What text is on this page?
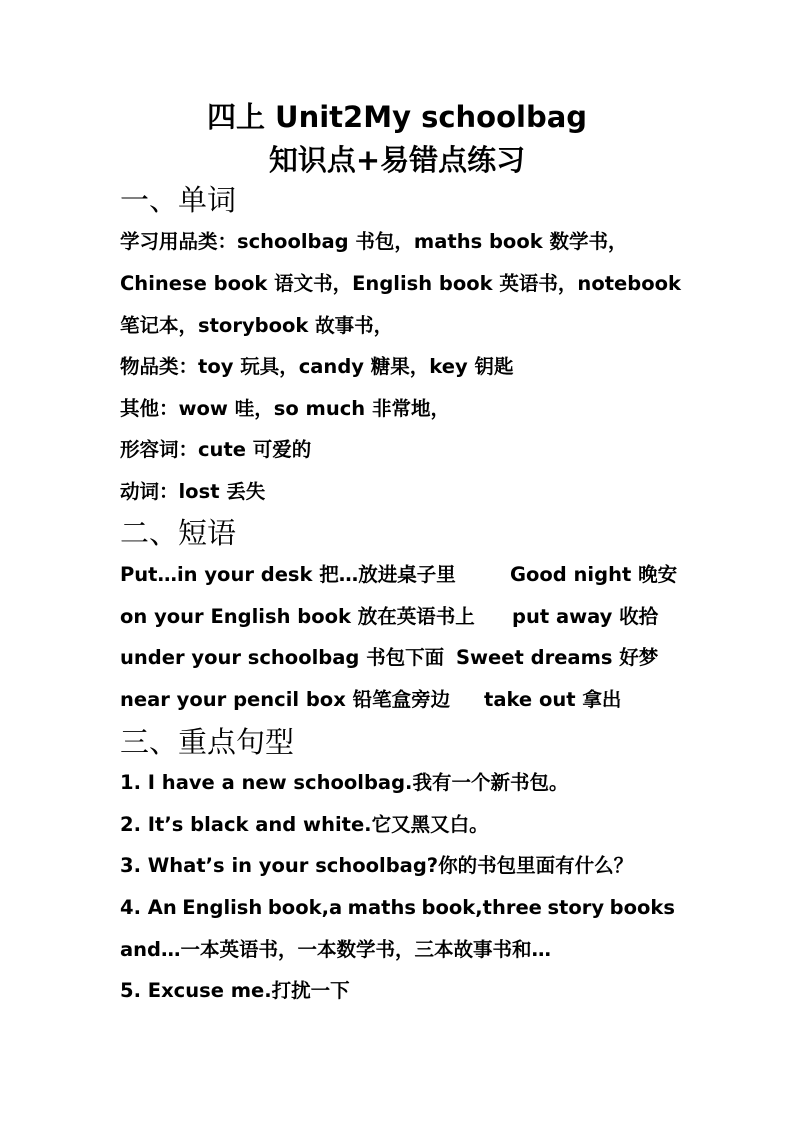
四上 Unit2My schoolbag
知识点+易错点练习
一、单词
学习用品类：schoolbag 书包，maths book 数学书，
Chinese book 语文书，English book 英语书，notebook
笔记本，storybook 故事书，
物品类：toy 玩具，candy 糖果，key 钥匙
其他：wow 哇，so much 非常地，
形容词：cute 可爱的
动词：lost 丢失
二、短语
Put…in your desk 把…放进桌子里	Good night 晚安
on your English book 放在英语书上 put away 收拾
under your schoolbag 书包下面 Sweet dreams 好梦
near your pencil box 铅笔盒旁边 take out 拿出
三、重点句型
1. I have a new schoolbag.我有一个新书包。
2. It’s black and white.它又黑又白。
3. What’s in your schoolbag?你的书包里面有什么？
4. An English book,a maths book,three story books
and…一本英语书，一本数学书，三本故事书和…
5. Excuse me.打扰一下
